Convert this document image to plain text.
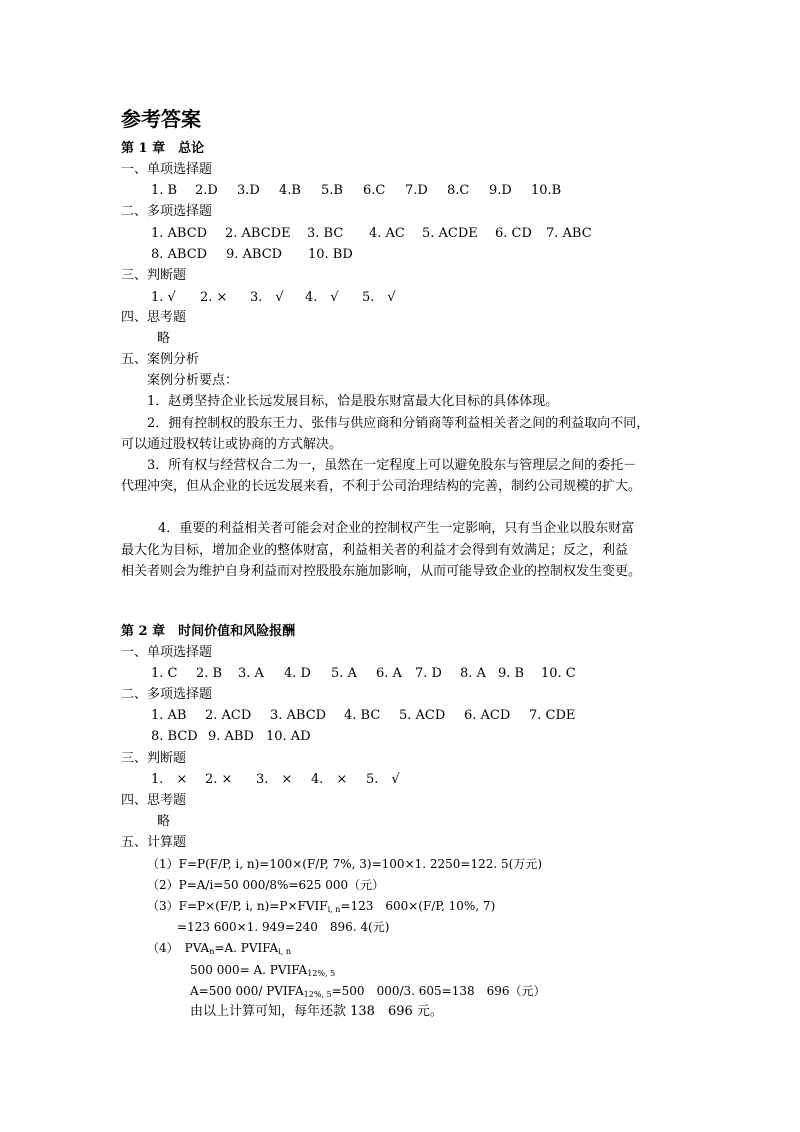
参考答案
第 1 章　总论
一、单项选择题
1. B 2.D 3.D 4.B 5.B 6.C 7.D 8.C 9.D 10.B
二、多项选择题
1. ABCD 2. ABCDE 3. BC 4. AC 5. ACDE 6. CD 7. ABC
8. ABCD 9. ABCD 10. BD
三、判断题
1. √ 2. × 3.　√ 4.　√ 5.　√
四、思考题
略
五、案例分析
案例分析要点：
1．赵勇坚持企业长远发展目标，恰是股东财富最大化目标的具体体现。
2．拥有控制权的股东王力、张伟与供应商和分销商等利益相关者之间的利益取向不同，
可以通过股权转让或协商的方式解决。
3．所有权与经营权合二为一，虽然在一定程度上可以避免股东与管理层之间的委托－
代理冲突，但从企业的长远发展来看，不利于公司治理结构的完善，制约公司规模的扩大。
4．重要的利益相关者可能会对企业的控制权产生一定影响，只有当企业以股东财富
最大化为目标，增加企业的整体财富，利益相关者的利益才会得到有效满足；反之，利益
相关者则会为维护自身利益而对控股股东施加影响，从而可能导致企业的控制权发生变更。
第 2 章　时间价值和风险报酬
一、单项选择题
1. C 2. B 3. A 4. D 5. A 6. A 7. D 8. A 9. B 10. C
二、多项选择题
1. AB 2. ACD 3. ABCD 4. BC 5. ACD 6. ACD 7. CDE
8. BCD 9. ABD 10. AD
三、判断题
1.　× 2. × 3.　× 4.　× 5.　√
四、思考题
略
五、计算题
（1）F=P(F/P, i, n)=100×(F/P, 7%, 3)=100×1. 2250=122. 5(万元)
（2）P=A/i=50 000/8%=625 000（元）
（3）F=P×(F/P, i, $n)=P\times FVIF_{i, n}=123$　600×(F/P, 10%, 7)
=123 600×1. 949=240　896. 4(元)
（4）　$PVA_n=A$. $PVIFA_{i, n}$
500 000= A. $PVIFA_{12\%, 5}$
A=500 000/ $PVIFA_{12\%, 5}=500$　000/3. 605=138　696（元）
由以上计算可知，每年还款 138　696 元。
